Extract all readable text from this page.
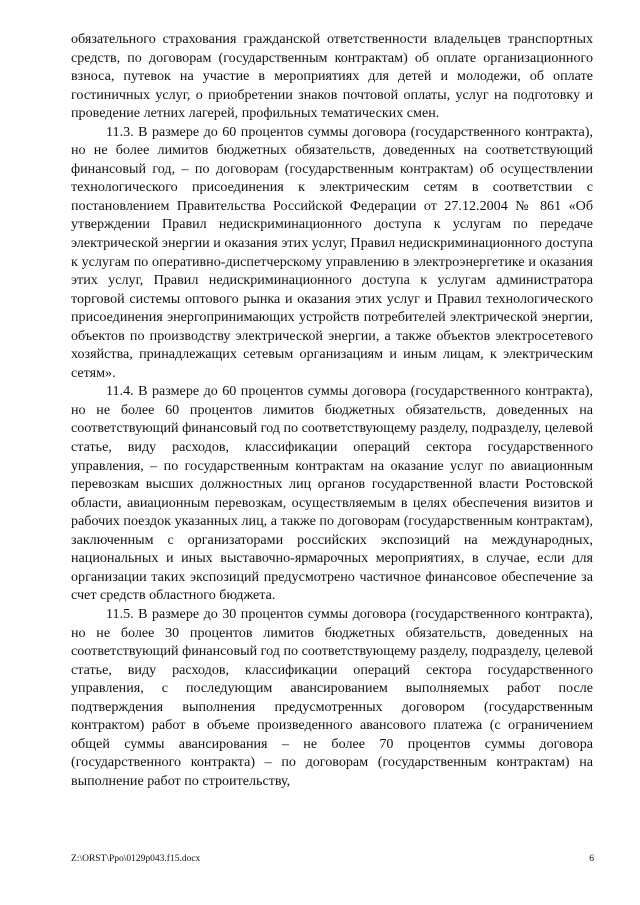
обязательного страхования гражданской ответственности владельцев транспортных средств, по договорам (государственным контрактам) об оплате организационного взноса, путевок на участие в мероприятиях для детей и молодежи, об оплате гостиничных услуг, о приобретении знаков почтовой оплаты, услуг на подготовку и проведение летних лагерей, профильных тематических смен.

11.3. В размере до 60 процентов суммы договора (государственного контракта), но не более лимитов бюджетных обязательств, доведенных на соответствующий финансовый год, – по договорам (государственным контрактам) об осуществлении технологического присоединения к электрическим сетям в соответствии с постановлением Правительства Российской Федерации от 27.12.2004 № 861 «Об утверждении Правил недискриминационного доступа к услугам по передаче электрической энергии и оказания этих услуг, Правил недискриминационного доступа к услугам по оперативно-диспетчерскому управлению в электроэнергетике и оказания этих услуг, Правил недискриминационного доступа к услугам администратора торговой системы оптового рынка и оказания этих услуг и Правил технологического присоединения энергопринимающих устройств потребителей электрической энергии, объектов по производству электрической энергии, а также объектов электросетевого хозяйства, принадлежащих сетевым организациям и иным лицам, к электрическим сетям».

11.4. В размере до 60 процентов суммы договора (государственного контракта), но не более 60 процентов лимитов бюджетных обязательств, доведенных на соответствующий финансовый год по соответствующему разделу, подразделу, целевой статье, виду расходов, классификации операций сектора государственного управления, – по государственным контрактам на оказание услуг по авиационным перевозкам высших должностных лиц органов государственной власти Ростовской области, авиационным перевозкам, осуществляемым в целях обеспечения визитов и рабочих поездок указанных лиц, а также по договорам (государственным контрактам), заключенным с организаторами российских экспозиций на международных, национальных и иных выставочно-ярмарочных мероприятиях, в случае, если для организации таких экспозиций предусмотрено частичное финансовое обеспечение за счет средств областного бюджета.

11.5. В размере до 30 процентов суммы договора (государственного контракта), но не более 30 процентов лимитов бюджетных обязательств, доведенных на соответствующий финансовый год по соответствующему разделу, подразделу, целевой статье, виду расходов, классификации операций сектора государственного управления, с последующим авансированием выполняемых работ после подтверждения выполнения предусмотренных договором (государственным контрактом) работ в объеме произведенного авансового платежа (с ограничением общей суммы авансирования – не более 70 процентов суммы договора (государственного контракта) – по договорам (государственным контрактам) на выполнение работ по строительству,

Z:\ORST\Ppo\0129p043.f15.docx	6
